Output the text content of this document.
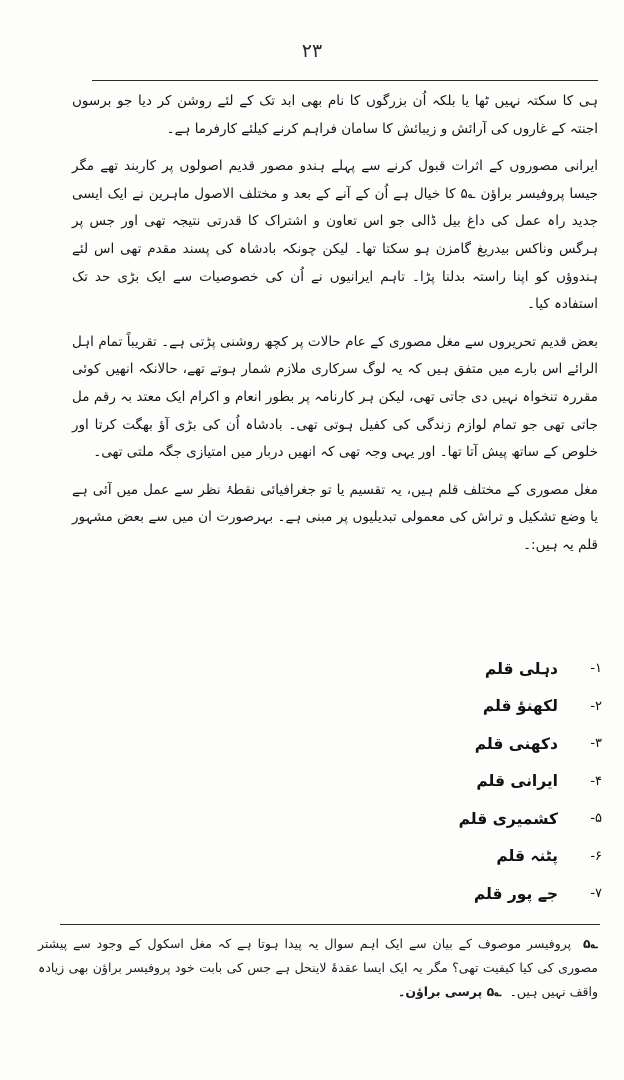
۲۳

ہی کا سکتہ نہیں ٹھا یا بلکہ اُن بزرگوں کا نام بھی ابد تک کے لئے روشن کر دیا جو برسوں اجنتہ کے غاروں کی آرائش و زیبائش کا سامان فراہم کرنے کیلئے کارفرما ہے۔

ایرانی مصوروں کے اثرات قبول کرنے سے پہلے ہندو مصور قدیم اصولوں پر کاربند تھے مگر جیسا پروفیسر براؤن ؎۵ کا خیال ہے اُن کے آنے کے بعد و مختلف الاصول ماہرین نے ایک ایسی جدید راہ عمل کی داغ بیل ڈالی جو اس تعاون و اشتراک کا قدرتی نتیجہ تھی اور جس پر ہرگس وناکس بیدریغ گامزن ہو سکتا تھا۔ لیکن چونکہ بادشاہ کی پسند مقدم تھی اس لئے ہندوؤں کو اپنا راستہ بدلنا پڑا۔ تاہم ایرانیوں نے اُن کی خصوصیات سے ایک بڑی حد تک استفادہ کیا۔

بعض قدیم تحریروں سے مغل مصوری کے عام حالات پر کچھ روشنی پڑتی ہے۔ تقریباً تمام اہل الرائے اس بارے میں متفق ہیں کہ یہ لوگ سرکاری ملازم شمار ہوتے تھے، حالانکہ انھیں کوئی مقررہ تنخواہ نہیں دی جاتی تھی، لیکن ہر کارنامہ پر بطور انعام و اکرام ایک معتد بہ رقم مل جاتی تھی جو تمام لوازم زندگی کی کفیل ہوتی تھی۔ بادشاہ اُن کی بڑی آؤ بھگت کرتا اور خلوص کے ساتھ پیش آتا تھا۔ اور یہی وجہ تھی کہ انھیں دربار میں امتیازی جگہ ملتی تھی۔

مغل مصوری کے مختلف قلم ہیں، یہ تقسیم یا تو جغرافیائی نقطۂ نظر سے عمل میں آئی ہے یا وضع تشکیل و تراش کی معمولی تبدیلیوں پر مبنی ہے۔ بہرصورت ان میں سے بعض مشہور قلم یہ ہیں:۔

۱-
دہلی قلم
۲-
لکھنؤ قلم
۳-
دکھنی قلم
۴-
ایرانی قلم
۵-
کشمیری قلم
۶-
پٹنہ قلم
۷-
جے پور قلم

؎۵ پروفیسر موصوف کے بیان سے ایک اہم سوال یہ پیدا ہوتا ہے کہ مغل اسکول کے وجود سے پیشتر مصوری کی کیا کیفیت تھی؟ مگر یہ ایک ایسا عقدۂ لاینحل ہے جس کی بابت خود پروفیسر براؤن بھی زیادہ واقف نہیں ہیں۔ ؎۵ پرسی براؤن۔
